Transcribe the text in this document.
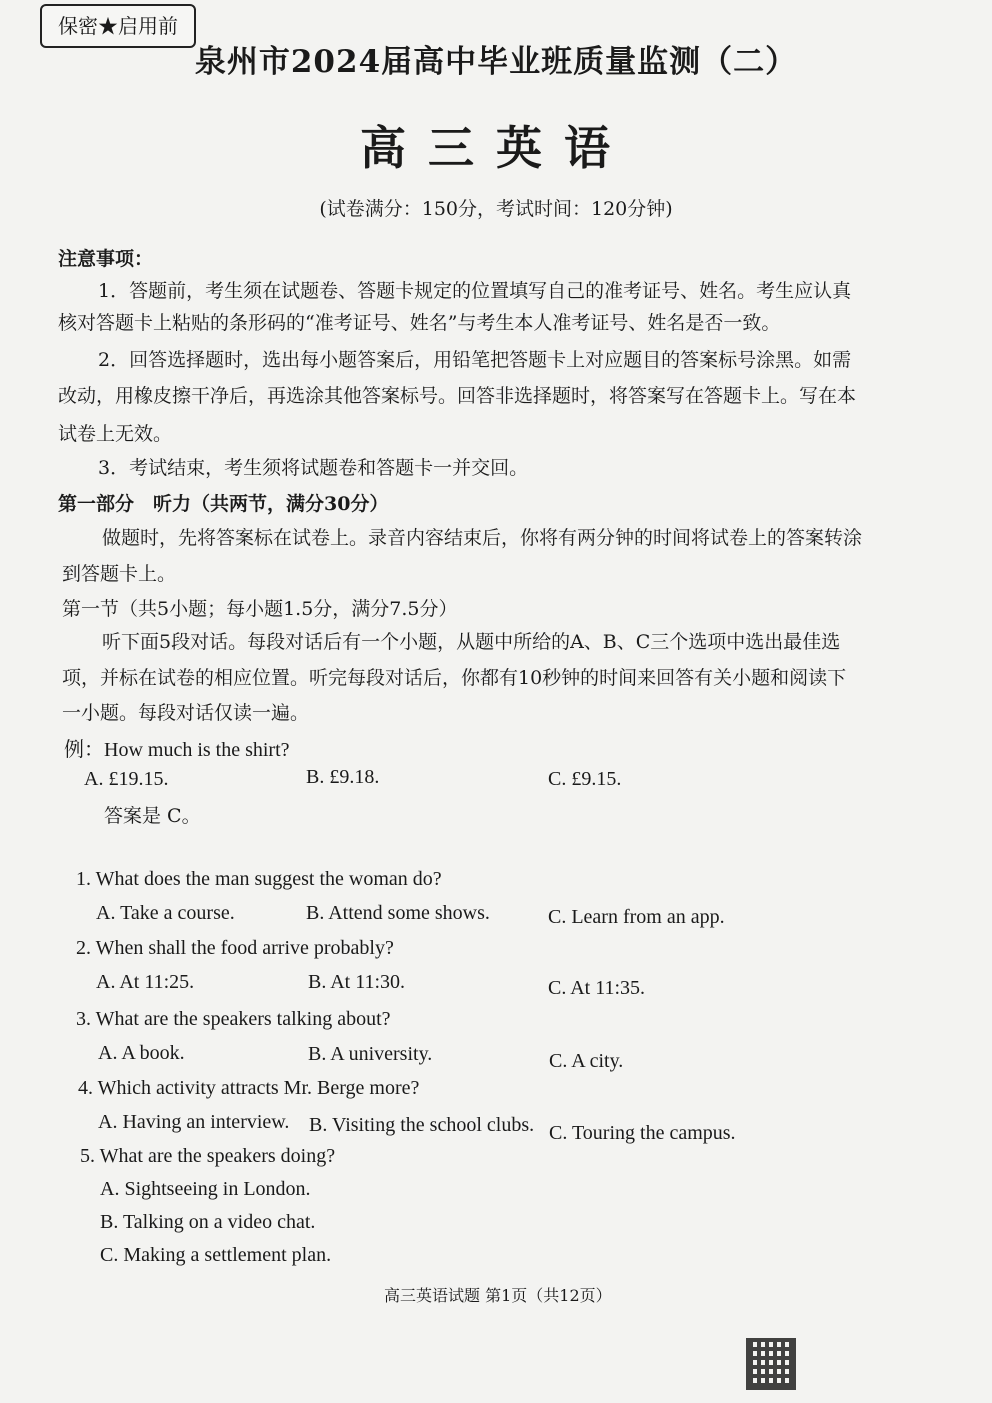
保密★启用前
泉州市2024届高中毕业班质量监测（二）
高三英语
(试卷满分：150分，考试时间：120分钟)
注意事项：
1．答题前，考生须在试题卷、答题卡规定的位置填写自己的准考证号、姓名。考生应认真
核对答题卡上粘贴的条形码的“准考证号、姓名”与考生本人准考证号、姓名是否一致。
2．回答选择题时，选出每小题答案后，用铅笔把答题卡上对应题目的答案标号涂黑。如需
改动，用橡皮擦干净后，再选涂其他答案标号。回答非选择题时，将答案写在答题卡上。写在本
试卷上无效。
3．考试结束，考生须将试题卷和答题卡一并交回。
第一部分　听力（共两节，满分30分）
做题时，先将答案标在试卷上。录音内容结束后，你将有两分钟的时间将试卷上的答案转涂
到答题卡上。
第一节（共5小题；每小题1.5分，满分7.5分）
听下面5段对话。每段对话后有一个小题，从题中所给的A、B、C三个选项中选出最佳选
项，并标在试卷的相应位置。听完每段对话后，你都有10秒钟的时间来回答有关小题和阅读下
一小题。每段对话仅读一遍。
例：How much is the shirt?
A. £19.15.	B. £9.18.	C. £9.15.
答案是 C。
1. What does the man suggest the woman do?
A. Take a course.	B. Attend some shows.	C. Learn from an app.
2. When shall the food arrive probably?
A. At 11:25.	B. At 11:30.	C. At 11:35.
3. What are the speakers talking about?
A. A book.	B. A university.	C. A city.
4. Which activity attracts Mr. Berge more?
A. Having an interview. B. Visiting the school clubs. C. Touring the campus.
5. What are the speakers doing?
A. Sightseeing in London.
B. Talking on a video chat.
C. Making a settlement plan.
高三英语试题 第1页（共12页）
